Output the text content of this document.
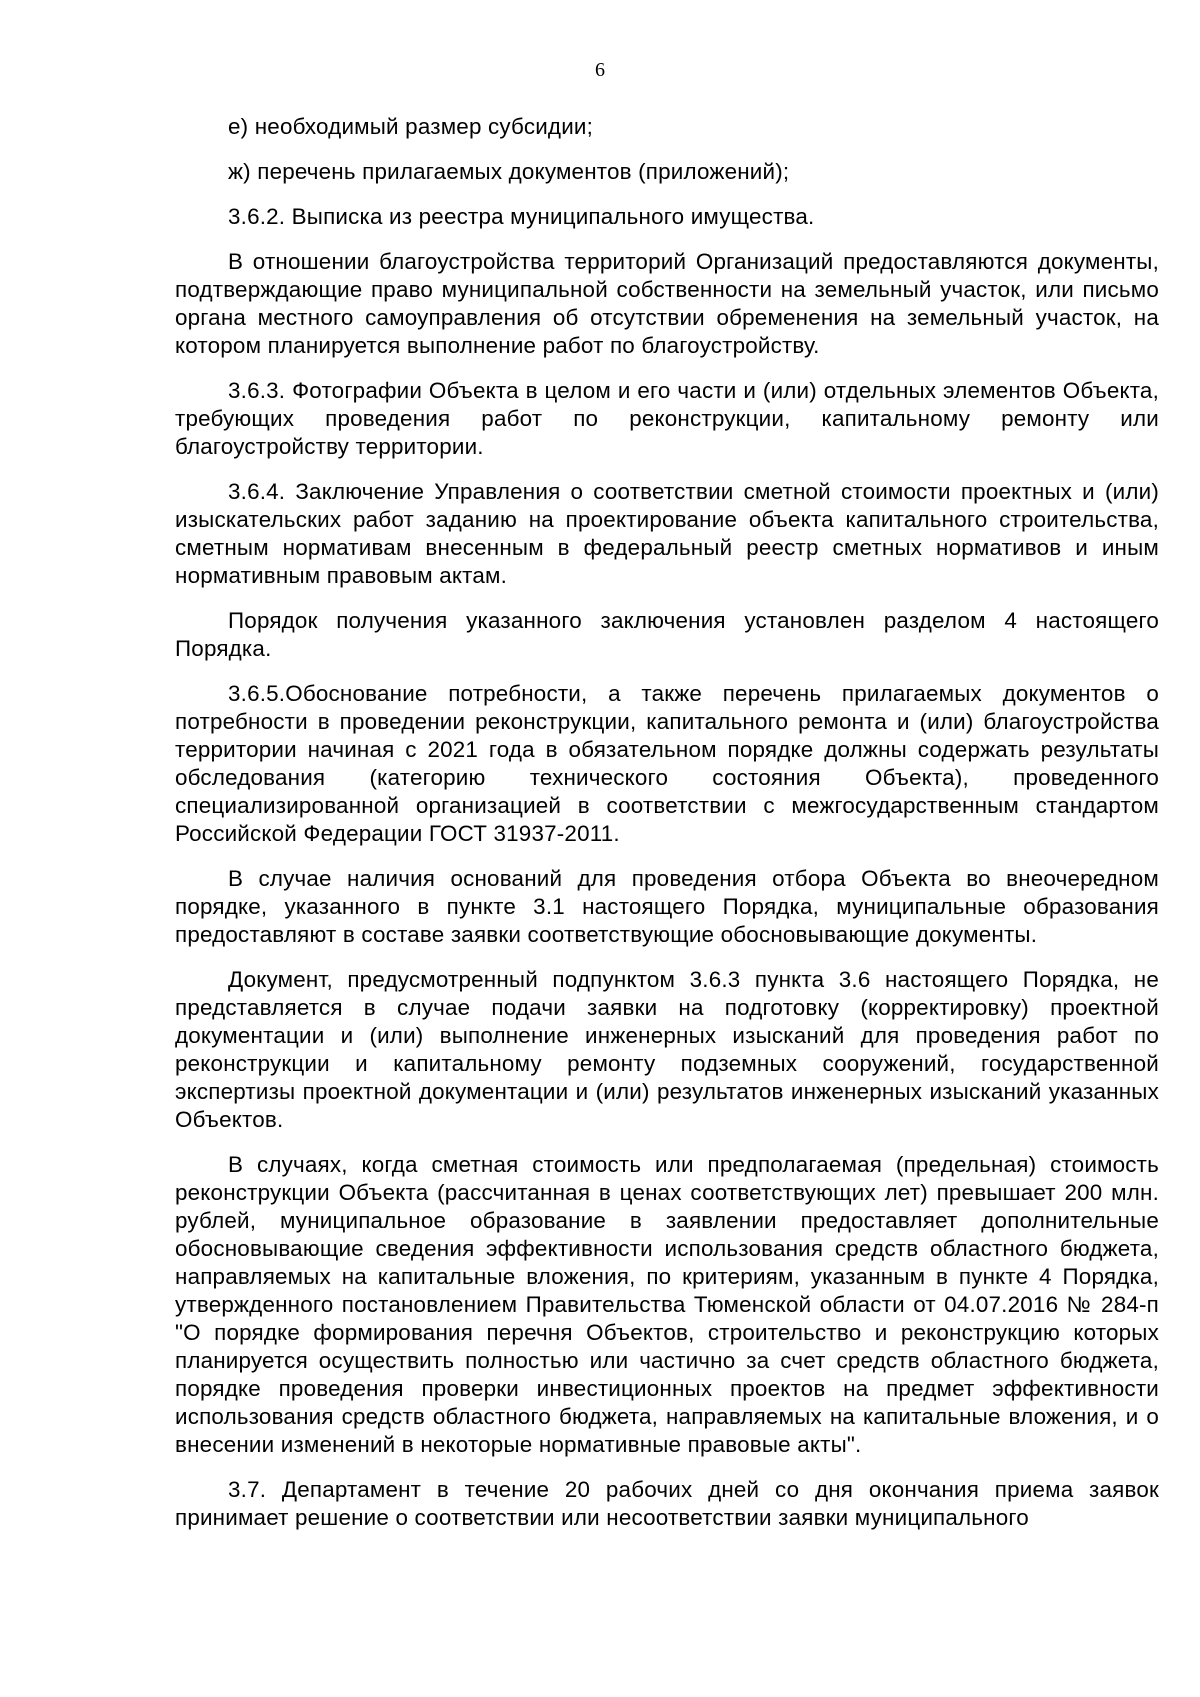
6

е) необходимый размер субсидии;

ж) перечень прилагаемых документов (приложений);

3.6.2. Выписка из реестра муниципального имущества.

В отношении благоустройства территорий Организаций предоставляются документы, подтверждающие право муниципальной собственности на земельный участок, или письмо органа местного самоуправления об отсутствии обременения на земельный участок, на котором планируется выполнение работ по благоустройству.

3.6.3. Фотографии Объекта в целом и его части и (или) отдельных элементов Объекта, требующих проведения работ по реконструкции, капитальному ремонту или благоустройству территории.

3.6.4. Заключение Управления о соответствии сметной стоимости проектных и (или) изыскательских работ заданию на проектирование объекта капитального строительства, сметным нормативам внесенным в федеральный реестр сметных нормативов и иным нормативным правовым актам.

Порядок получения указанного заключения установлен разделом 4 настоящего Порядка.

3.6.5.Обоснование потребности, а также перечень прилагаемых документов о потребности в проведении реконструкции, капитального ремонта и (или) благоустройства территории начиная с 2021 года в обязательном порядке должны содержать результаты обследования (категорию технического состояния Объекта), проведенного специализированной организацией в соответствии с межгосударственным стандартом Российской Федерации ГОСТ 31937-2011.

В случае наличия оснований для проведения отбора Объекта во внеочередном порядке, указанного в пункте 3.1 настоящего Порядка, муниципальные образования предоставляют в составе заявки соответствующие обосновывающие документы.

Документ, предусмотренный подпунктом 3.6.3 пункта 3.6 настоящего Порядка, не представляется в случае подачи заявки на подготовку (корректировку) проектной документации и (или) выполнение инженерных изысканий для проведения работ по реконструкции и капитальному ремонту подземных сооружений, государственной экспертизы проектной документации и (или) результатов инженерных изысканий указанных Объектов.

В случаях, когда сметная стоимость или предполагаемая (предельная) стоимость реконструкции Объекта (рассчитанная в ценах соответствующих лет) превышает 200 млн. рублей, муниципальное образование в заявлении предоставляет дополнительные обосновывающие сведения эффективности использования средств областного бюджета, направляемых на капитальные вложения, по критериям, указанным в пункте 4 Порядка, утвержденного постановлением Правительства Тюменской области от 04.07.2016 № 284-п "О порядке формирования перечня Объектов, строительство и реконструкцию которых планируется осуществить полностью или частично за счет средств областного бюджета, порядке проведения проверки инвестиционных проектов на предмет эффективности использования средств областного бюджета, направляемых на капитальные вложения, и о внесении изменений в некоторые нормативные правовые акты".

3.7. Департамент в течение 20 рабочих дней со дня окончания приема заявок принимает решение о соответствии или несоответствии заявки муниципального
